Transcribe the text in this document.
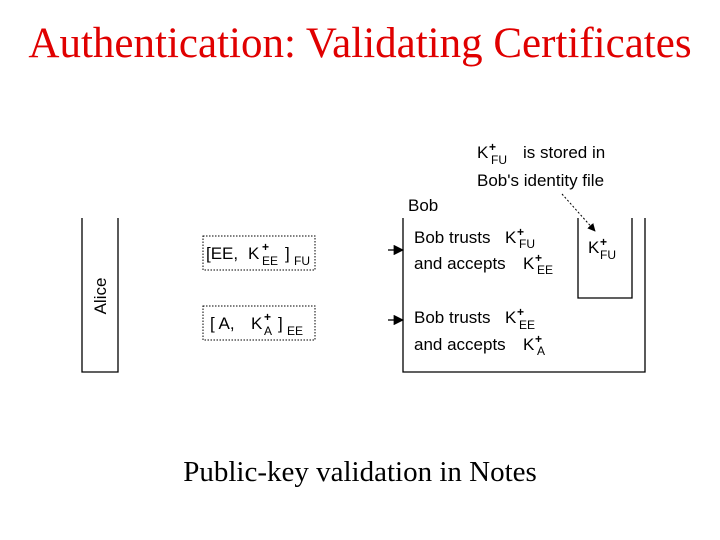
Authentication: Validating Certificates
Alice
Bob
K +
FU
K +
FU is stored in
Bob's identity file
[EE, K +
EE ] FU
Bob trusts K +
FU
and accepts K +
EE
[ A, K +
A ] EE
Bob trusts K +
EE
and accepts K +
A
Public-key validation in Notes
